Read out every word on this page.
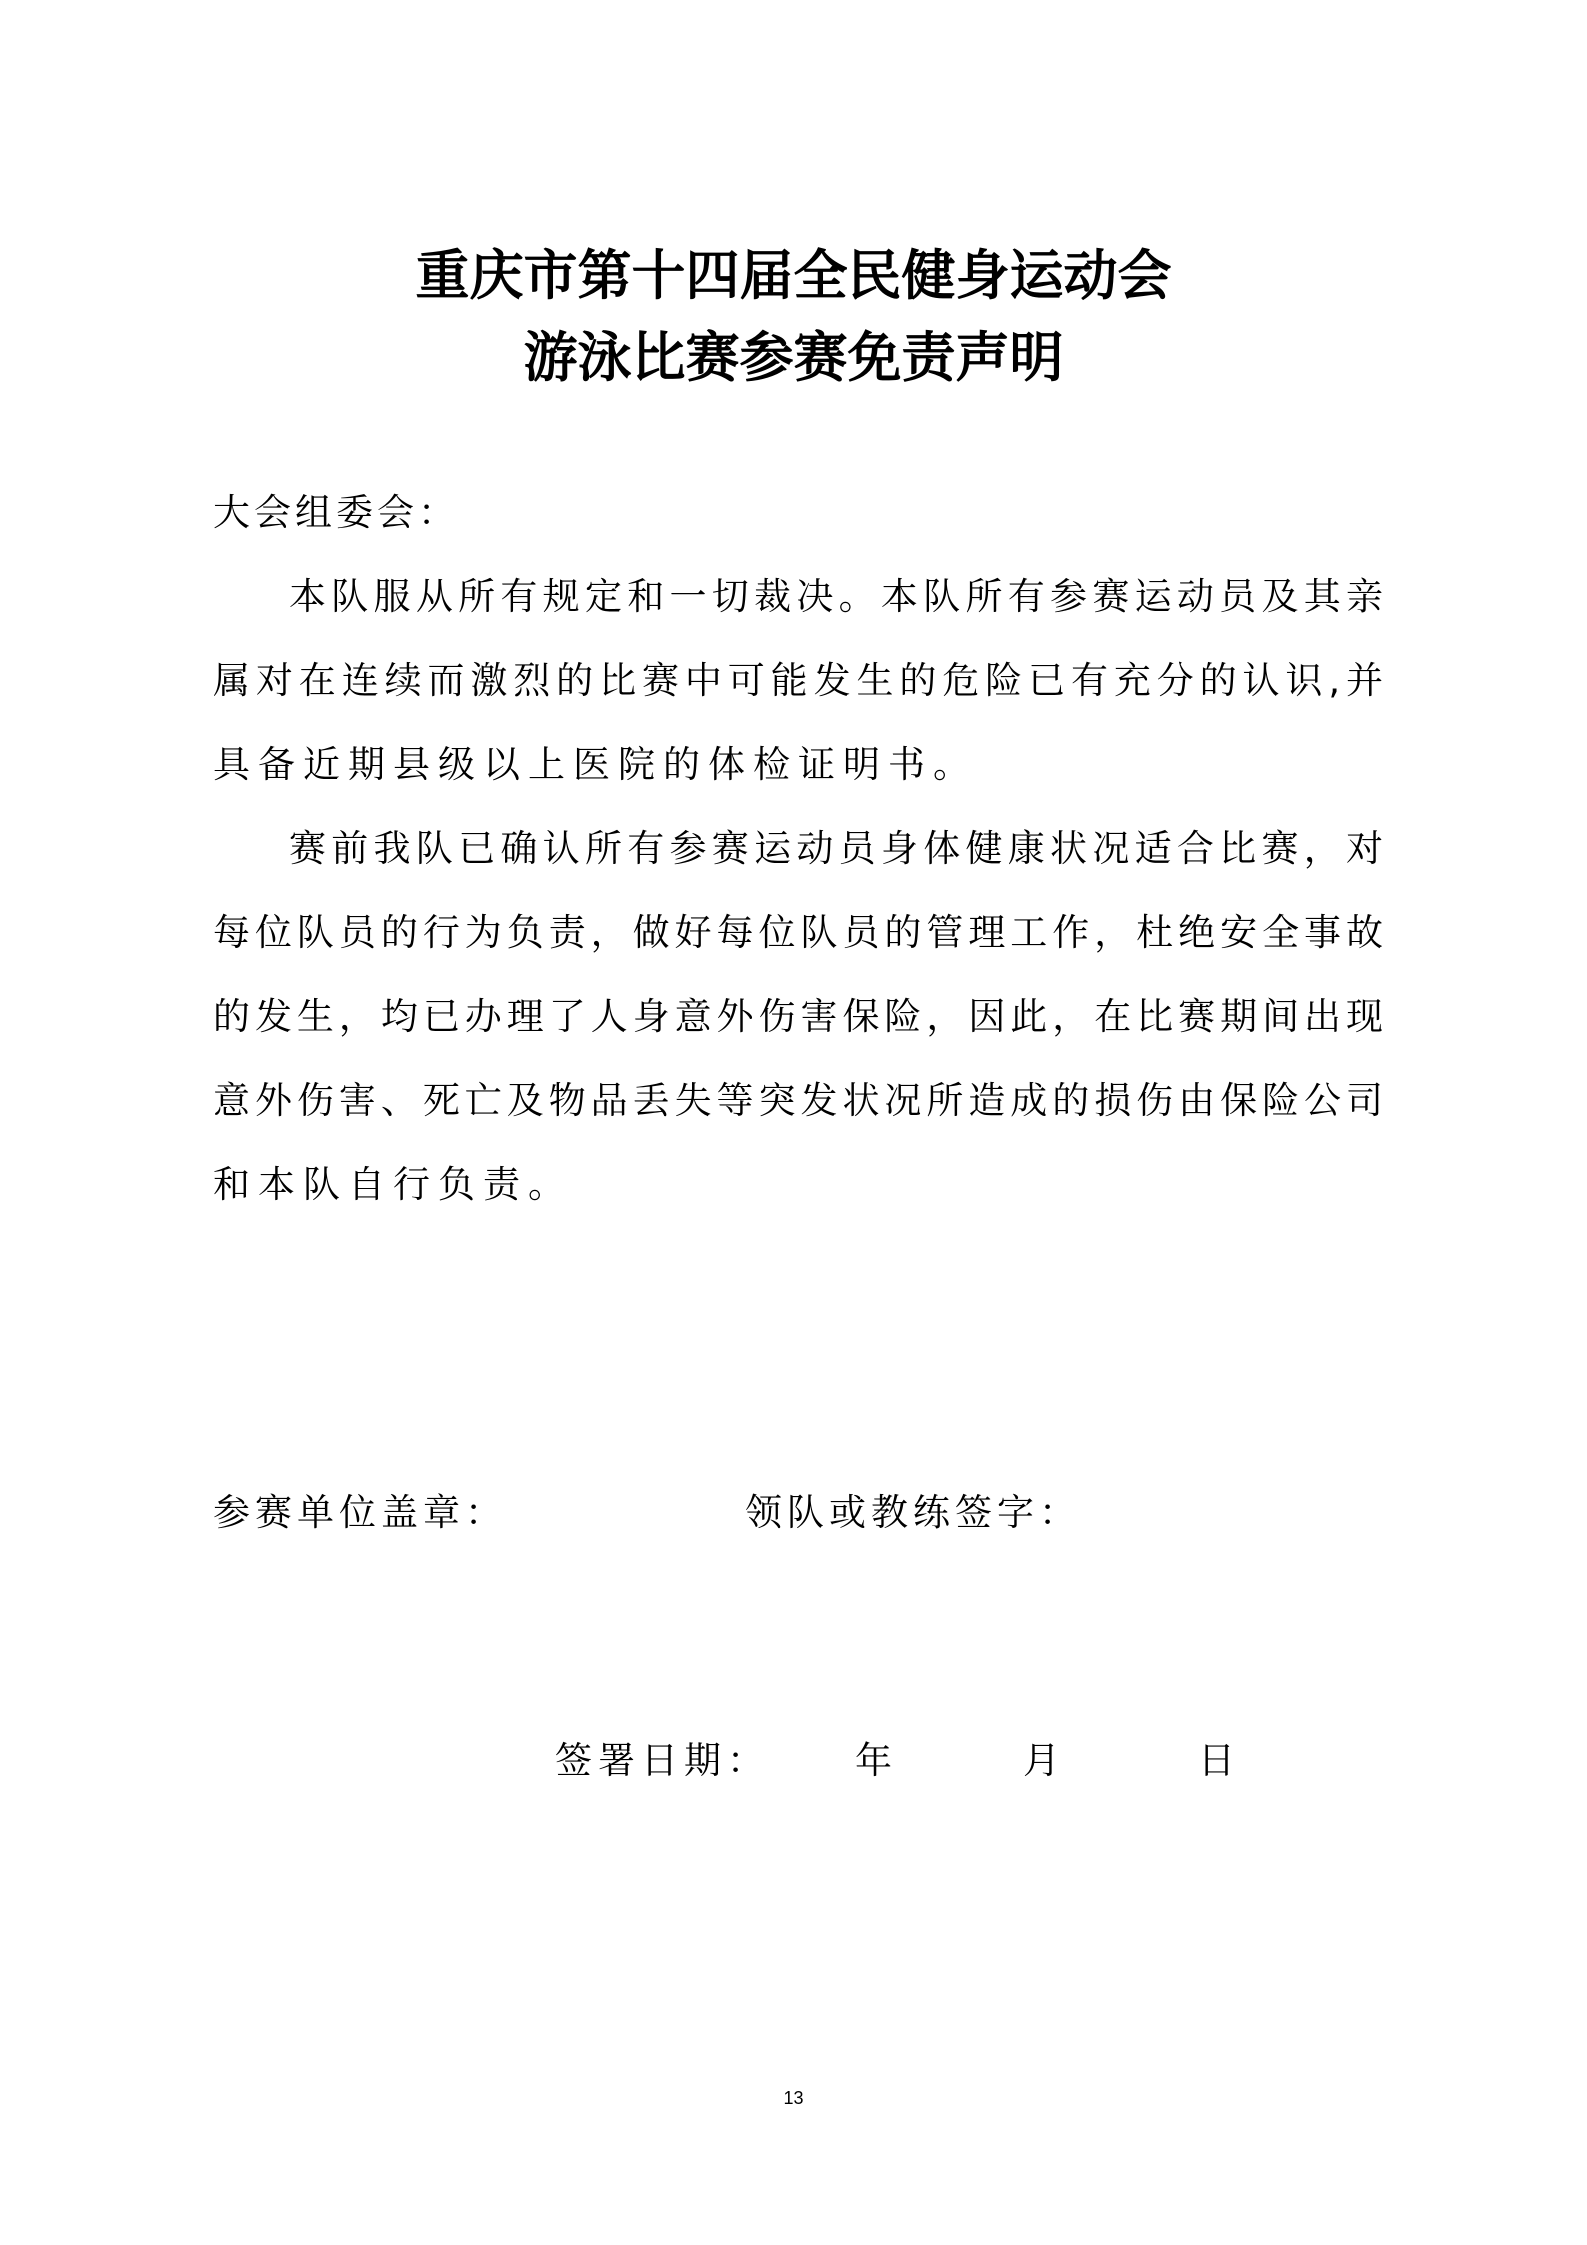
重庆市第十四届全民健身运动会
游泳比赛参赛免责声明
大会组委会：
本队服从所有规定和一切裁决。本队所有参赛运动员及其亲
属对在连续而激烈的比赛中可能发生的危险已有充分的认识,并
具备近期县级以上医院的体检证明书。
赛前我队已确认所有参赛运动员身体健康状况适合比赛，对
每位队员的行为负责，做好每位队员的管理工作，杜绝安全事故
的发生，均已办理了人身意外伤害保险，因此，在比赛期间出现
意外伤害、死亡及物品丢失等突发状况所造成的损伤由保险公司
和本队自行负责。
参赛单位盖章：	领队或教练签字：
签署日期： 年	月	日
13
